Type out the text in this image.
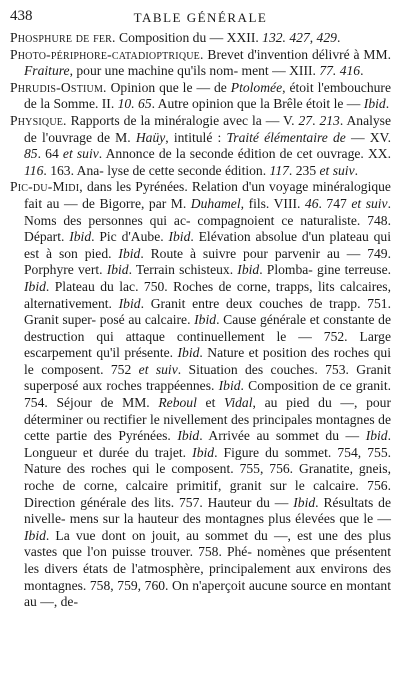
438	TABLE GÉNÉRALE
Phosphure de fer. Composition du — XXII. 132. 427, 429.
Photo-périphore-catadioptrique. Brevet d'invention délivré à MM. Fraiture, pour une machine qu'ils nom- ment — XIII. 77. 416.
Phrudis-Ostium. Opinion que le — de Ptolomée, étoit l'embouchure de la Somme. II. 10. 65. Autre opinion que la Brêle étoit le — Ibid.
Physique. Rapports de la minéralogie avec la — V. 27. 213. Analyse de l'ouvrage de M. Haüy, intitulé : Traité élémentaire de — XV. 85. 64 et suiv. Annonce de la seconde édition de cet ouvrage. XX. 116. 163. Ana- lyse de cette seconde édition. 117. 235 et suiv.
Pic-du-Midi, dans les Pyrénées. Relation d'un voyage minéralogique fait au — de Bigorre, par M. Duhamel, fils. VIII. 46. 747 et suiv. Noms des personnes qui ac- compagnoient ce naturaliste. 748. Départ. Ibid. Pic d'Aube. Ibid. Elévation absolue d'un plateau qui est à son pied. Ibid. Route à suivre pour parvenir au — 749. Porphyre vert. Ibid. Terrain schisteux. Ibid. Plomba- gine terreuse. Ibid. Plateau du lac. 750. Roches de corne, trapps, lits calcaires, alternativement. Ibid. Granit entre deux couches de trapp. 751. Granit super- posé au calcaire. Ibid. Cause générale et constante de destruction qui attaque continuellement le — 752. Large escarpement qu'il présente. Ibid. Nature et position des roches qui le composent. 752 et suiv. Situation des couches. 753. Granit superposé aux roches trappéennes. Ibid. Composition de ce granit. 754. Séjour de MM. Reboul et Vidal, au pied du —, pour déterminer ou rectifier le nivellement des principales montagnes de cette partie des Pyrénées. Ibid. Arrivée au sommet du — Ibid. Longueur et durée du trajet. Ibid. Figure du sommet. 754, 755. Nature des roches qui le composent. 755, 756. Granatite, gneis, roche de corne, calcaire primitif, granit sur le calcaire. 756. Direction générale des lits. 757. Hauteur du — Ibid. Résultats de nivelle- mens sur la hauteur des montagnes plus élevées que le — Ibid. La vue dont on jouit, au sommet du —, est une des plus vastes que l'on puisse trouver. 758. Phé- nomènes que présentent les divers états de l'atmosphère, principalement aux environs des montagnes. 758, 759, 760. On n'aperçoit aucune source en montant au —, de-
